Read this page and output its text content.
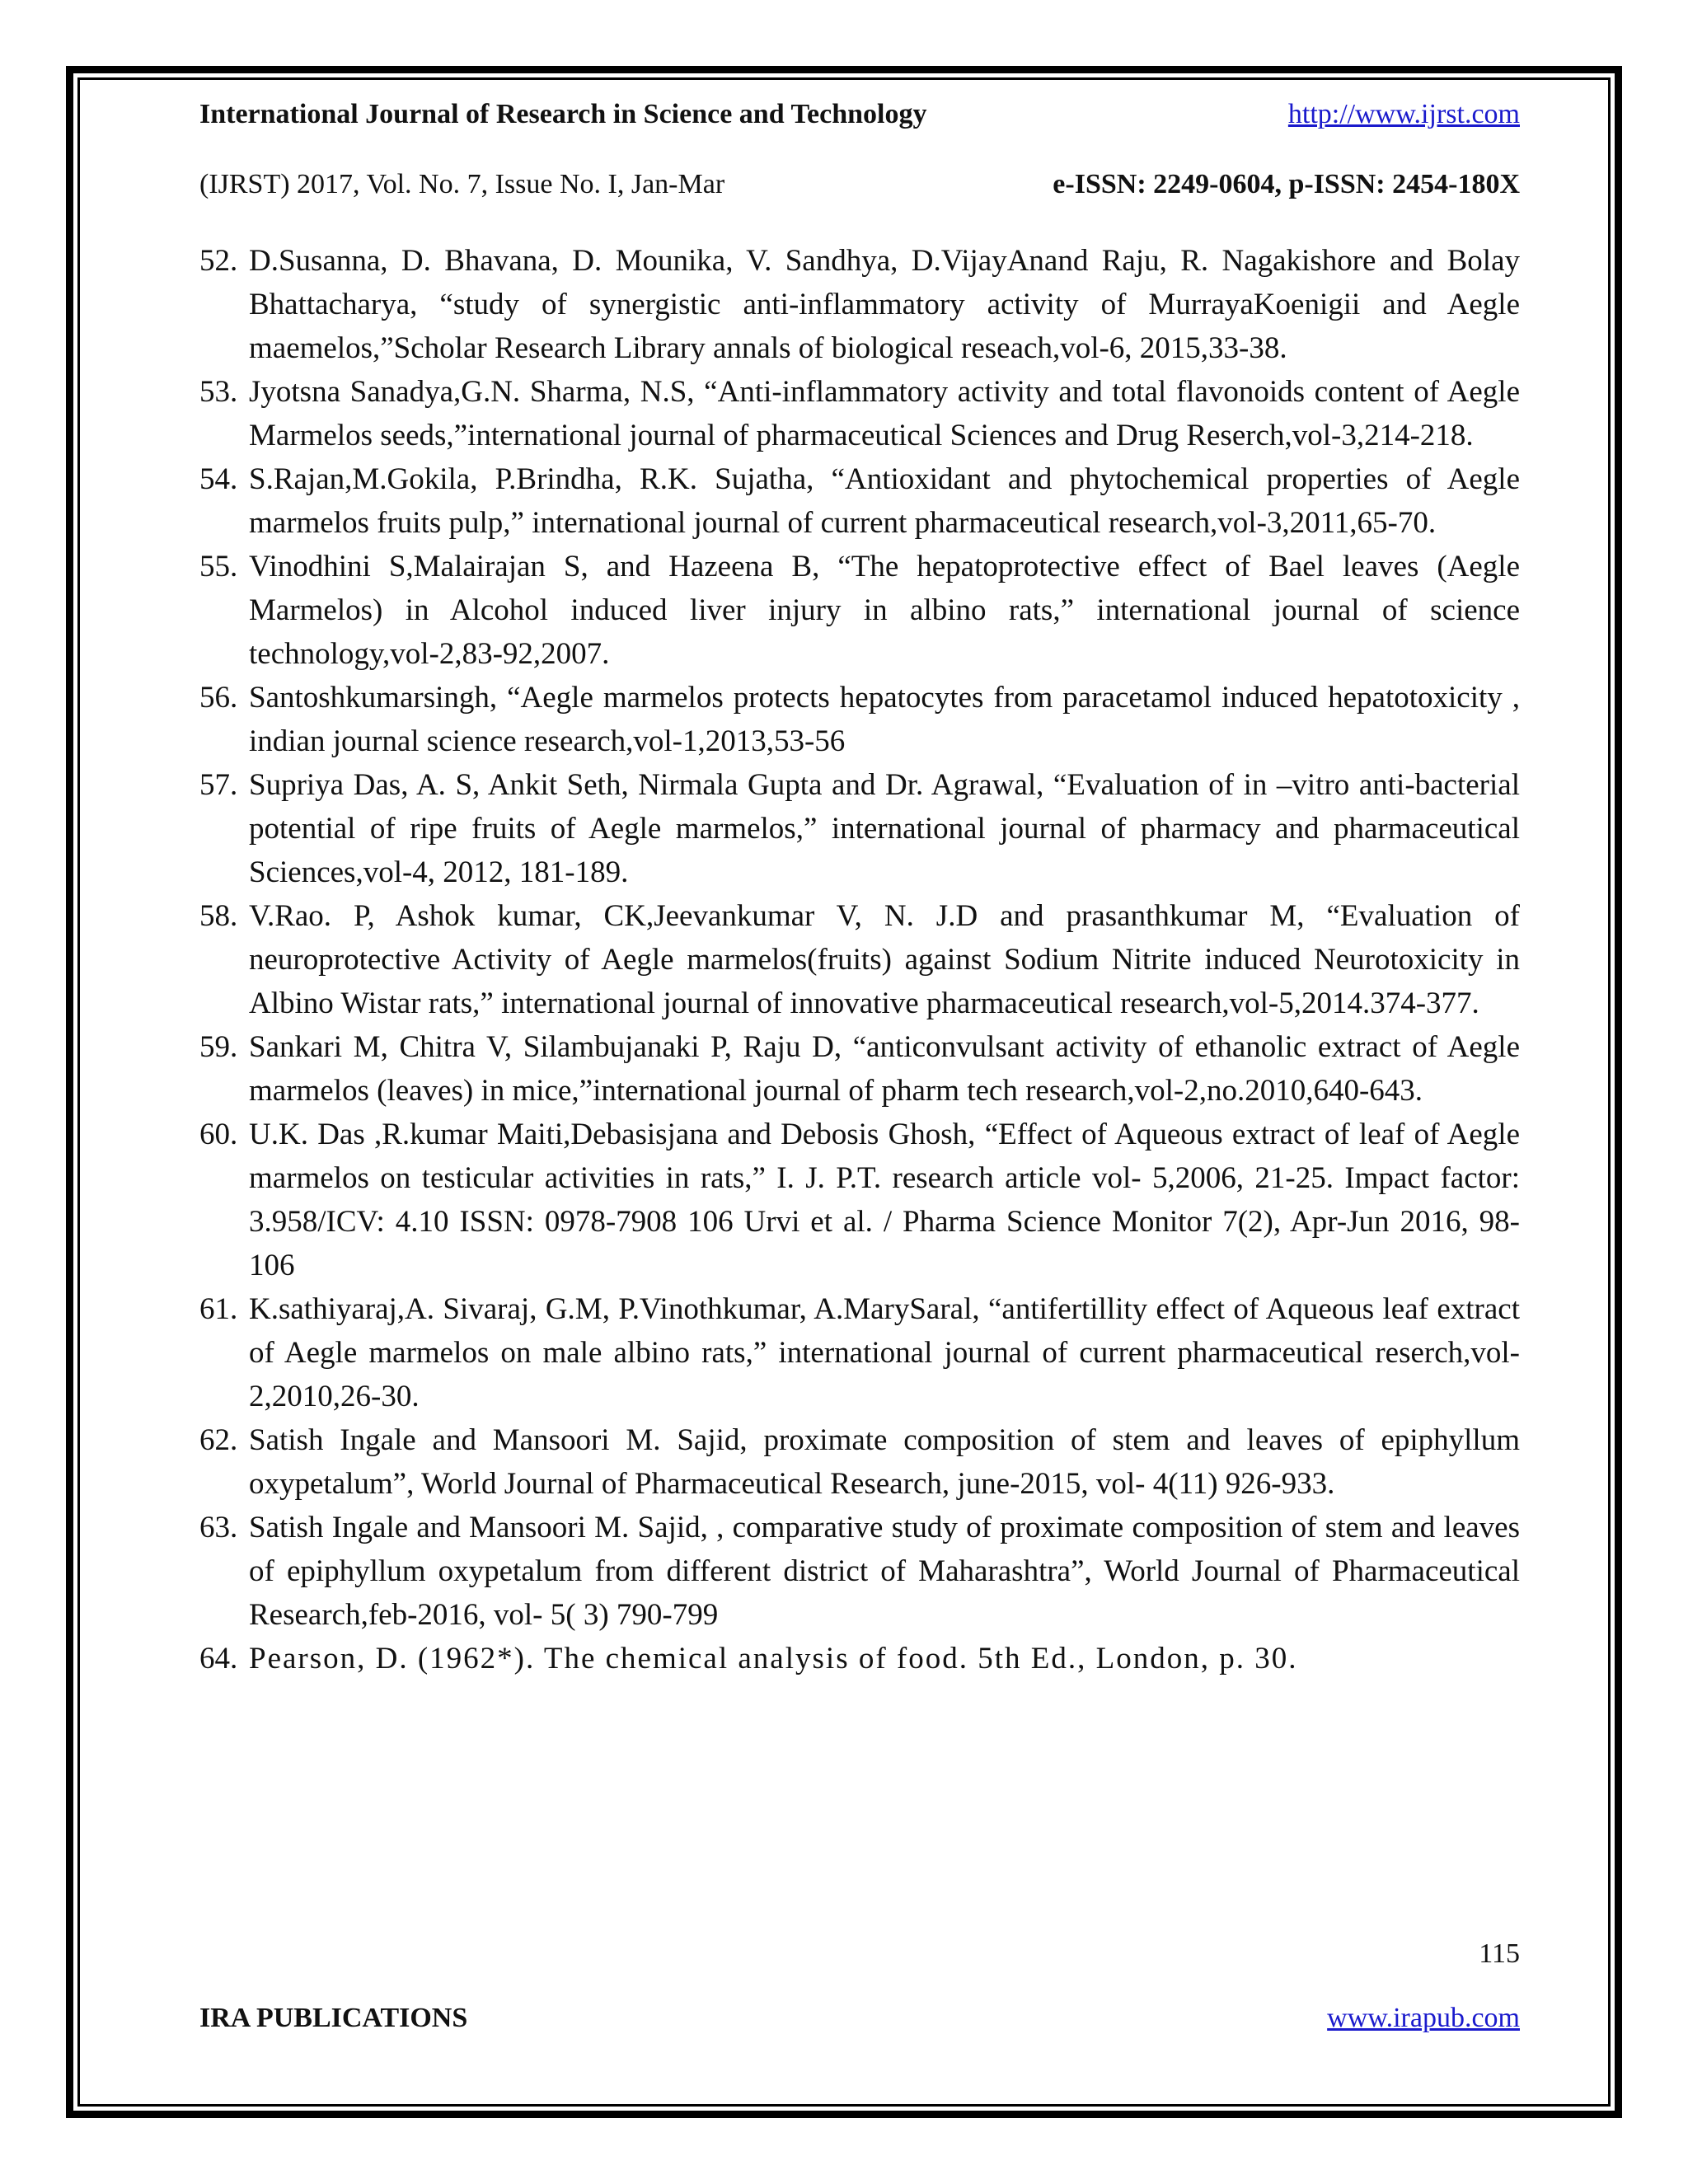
International Journal of Research in Science and Technology	http://www.ijrst.com
(IJRST) 2017, Vol. No. 7, Issue No. I, Jan-Mar	e-ISSN: 2249-0604, p-ISSN: 2454-180X
52. D.Susanna, D. Bhavana, D. Mounika, V. Sandhya, D.VijayAnand Raju, R. Nagakishore and Bolay Bhattacharya, “study of synergistic anti-inflammatory activity of MurrayaKoenigii and Aegle maemelos,”Scholar Research Library annals of biological reseach,vol-6, 2015,33-38.
53. Jyotsna Sanadya,G.N. Sharma, N.S, “Anti-inflammatory activity and total flavonoids content of Aegle Marmelos seeds,”international journal of pharmaceutical Sciences and Drug Reserch,vol-3,214-218.
54. S.Rajan,M.Gokila, P.Brindha, R.K. Sujatha, “Antioxidant and phytochemical properties of Aegle marmelos fruits pulp,” international journal of current pharmaceutical research,vol-3,2011,65-70.
55. Vinodhini S,Malairajan S, and Hazeena B, “The hepatoprotective effect of Bael leaves (Aegle Marmelos) in Alcohol induced liver injury in albino rats,” international journal of science technology,vol-2,83-92,2007.
56. Santoshkumarsingh, “Aegle marmelos protects hepatocytes from paracetamol induced hepatotoxicity , indian journal science research,vol-1,2013,53-56
57. Supriya Das, A. S, Ankit Seth, Nirmala Gupta and Dr. Agrawal, “Evaluation of in –vitro anti-bacterial potential of ripe fruits of Aegle marmelos,” international journal of pharmacy and pharmaceutical Sciences,vol-4, 2012, 181-189.
58. V.Rao. P, Ashok kumar, CK,Jeevankumar V, N. J.D and prasanthkumar M, “Evaluation of neuroprotective Activity of Aegle marmelos(fruits) against Sodium Nitrite induced Neurotoxicity in Albino Wistar rats,” international journal of innovative pharmaceutical research,vol-5,2014.374-377.
59. Sankari M, Chitra V, Silambujanaki P, Raju D, “anticonvulsant activity of ethanolic extract of Aegle marmelos (leaves) in mice,”international journal of pharm tech research,vol-2,no.2010,640-643.
60. U.K. Das ,R.kumar Maiti,Debasisjana and Debosis Ghosh, “Effect of Aqueous extract of leaf of Aegle marmelos on testicular activities in rats,” I. J. P.T. research article vol- 5,2006, 21-25. Impact factor: 3.958/ICV: 4.10 ISSN: 0978-7908 106 Urvi et al. / Pharma Science Monitor 7(2), Apr-Jun 2016, 98-106
61. K.sathiyaraj,A. Sivaraj, G.M, P.Vinothkumar, A.MarySaral, “antifertillity effect of Aqueous leaf extract of Aegle marmelos on male albino rats,” international journal of current pharmaceutical reserch,vol-2,2010,26-30.
62. Satish Ingale and Mansoori M. Sajid, proximate composition of stem and leaves of epiphyllum oxypetalum”, World Journal of Pharmaceutical Research, june-2015, vol- 4(11) 926-933.
63. Satish Ingale and Mansoori M. Sajid, , comparative study of proximate composition of stem and leaves of epiphyllum oxypetalum from different district of Maharashtra”, World Journal of Pharmaceutical Research,feb-2016, vol- 5( 3) 790-799
64. Pearson, D. (1962*). The chemical analysis of food. 5th Ed., London, p. 30.
115
IRA PUBLICATIONS	www.irapub.com
